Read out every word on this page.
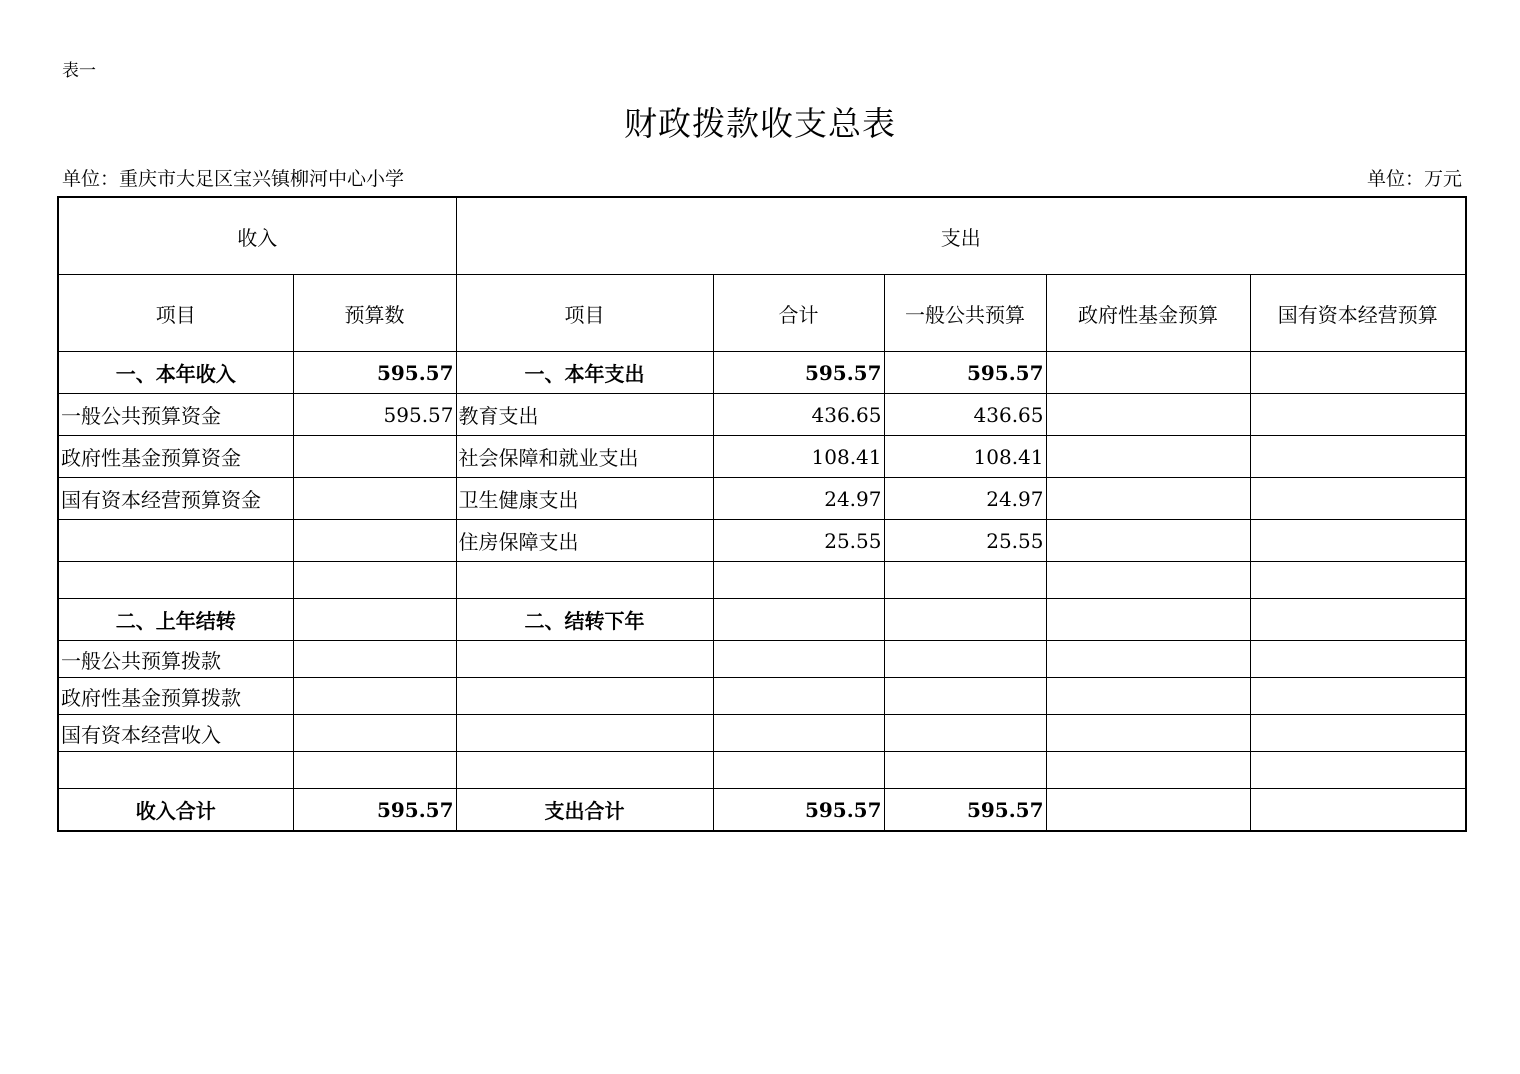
表一
财政拨款收支总表
单位：重庆市大足区宝兴镇柳河中心小学	单位：万元
收入		支出				
项目	预算数	项目	合计	一般公共预算	政府性基金预算	国有资本经营预算
一、本年收入	595.57	一、本年支出	595.57	595.57		
一般公共预算资金	595.57	教育支出	436.65	436.65		
政府性基金预算资金		社会保障和就业支出	108.41	108.41		
国有资本经营预算资金		卫生健康支出	24.97	24.97		
		住房保障支出	25.55	25.55		

二、上年结转		二、结转下年				
一般公共预算拨款						
政府性基金预算拨款						
国有资本经营收入						

收入合计	595.57	支出合计	595.57	595.57		
